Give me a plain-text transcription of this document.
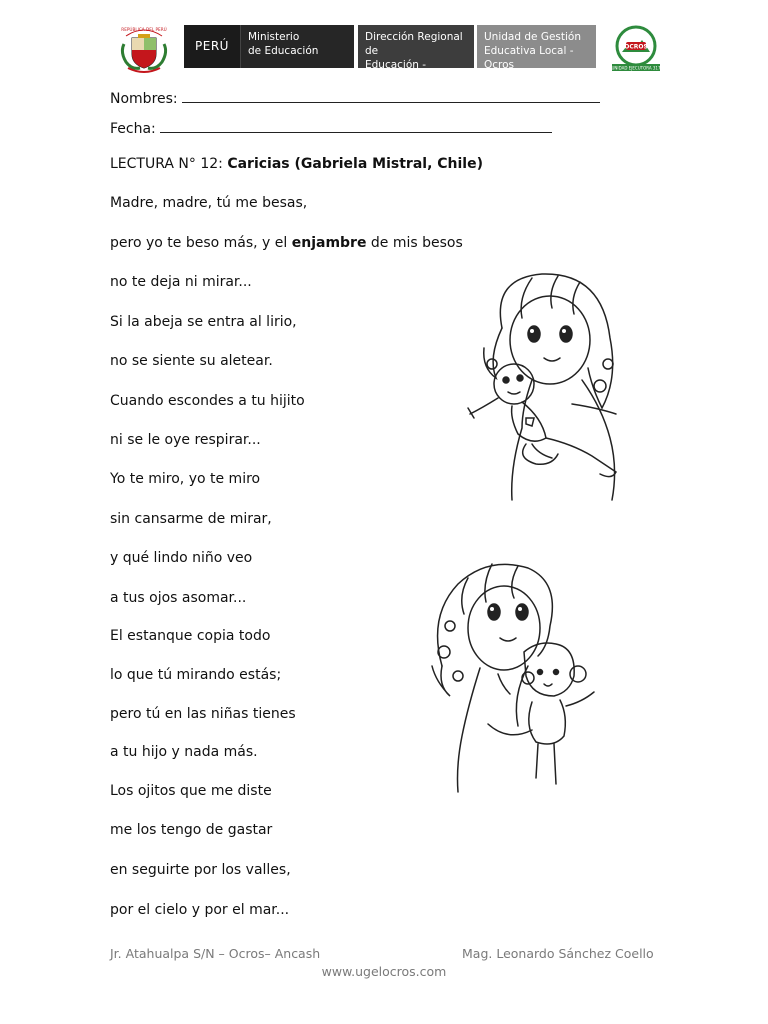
REPÚBLICA DEL PERÚ
PERÚ
Ministerio
de Educación
Dirección Regional de
Educación - Ancash
Unidad de Gestión
Educativa Local - Ocros
OCROS
UNIDAD EJECUTORA 317
Nombres:
Fecha:
LECTURA N° 12: Caricias (Gabriela Mistral, Chile)
Madre, madre, tú me besas,
pero yo te beso más, y el enjambre de mis besos
no te deja ni mirar...
Si la abeja se entra al lirio,
no se siente su aletear.
Cuando escondes a tu hijito
ni se le oye respirar...
Yo te miro, yo te miro
sin cansarme de mirar,
y qué lindo niño veo
a tus ojos asomar...
El estanque copia todo
lo que tú mirando estás;
pero tú en las niñas tienes
a tu hijo y nada más.
Los ojitos que me diste
me los tengo de gastar
en seguirte por los valles,
por el cielo y por el mar...
Jr. Atahualpa S/N – Ocros– Ancash	Mag. Leonardo Sánchez Coello
www.ugelocros.com
